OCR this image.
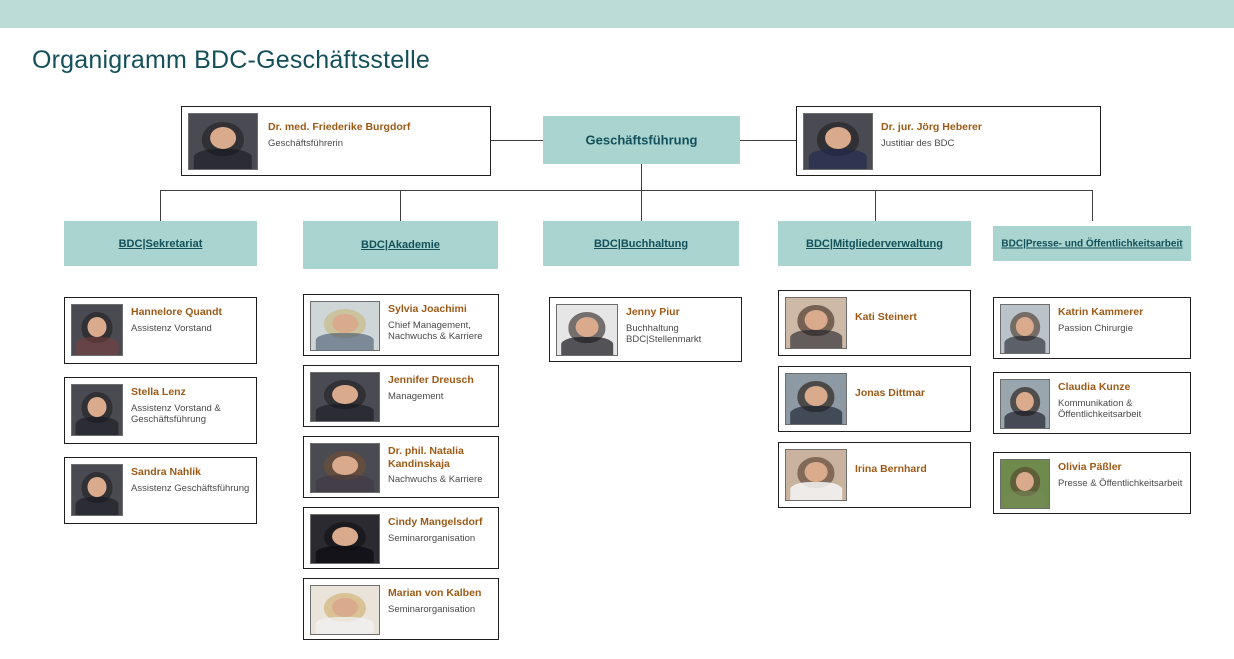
Organigramm BDC-Geschäftsstelle
Dr. med. Friederike Burgdorf
Geschäftsführerin	Geschäftsführung
Dr. jur. Jörg Heberer
Justitiar des BDC
BDC|Sekretariat	BDC|Akademie	BDC|Buchhaltung	BDC|Mitgliederverwaltung	BDC|Presse- und Öffentlichkeitsarbeit
Hannelore Quandt
Assistenz Vorstand
Stella Lenz
Assistenz Vorstand & Geschäftsführung
Sandra Nahlik
Assistenz Geschäftsführung
Sylvia Joachimi
Chief Management, Nachwuchs & Karriere
Jennifer Dreusch
Management
Dr. phil. Natalia Kandinskaja
Nachwuchs & Karriere
Cindy Mangelsdorf
Seminarorganisation
Marian von Kalben
Seminarorganisation
Jenny Piur
Buchhaltung BDC|Stellenmarkt
Kati Steinert
Jonas Dittmar
Irina Bernhard
Katrin Kammerer
Passion Chirurgie
Claudia Kunze
Kommunikation & Öffentlichkeitsarbeit
Olivia Päßler
Presse & Öffentlichkeitsarbeit
